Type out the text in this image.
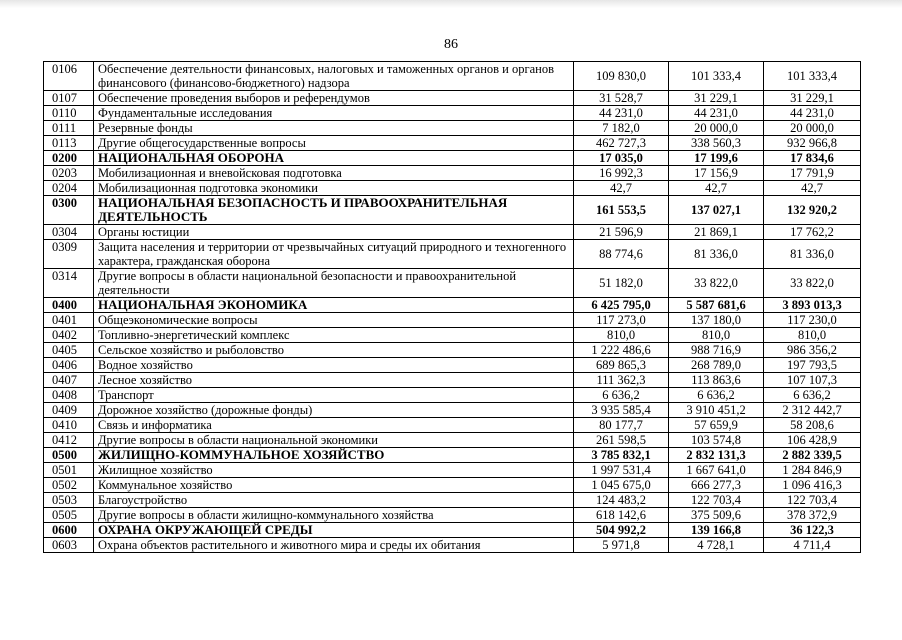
86
0106	Обеспечение деятельности финансовых, налоговых и таможенных органов и органов финансового (финансово-бюджетного) надзора	109 830,0	101 333,4	101 333,4
0107	Обеспечение проведения выборов и референдумов	31 528,7	31 229,1	31 229,1
0110	Фундаментальные исследования	44 231,0	44 231,0	44 231,0
0111	Резервные фонды	7 182,0	20 000,0	20 000,0
0113	Другие общегосударственные вопросы	462 727,3	338 560,3	932 966,8
0200	НАЦИОНАЛЬНАЯ ОБОРОНА	17 035,0	17 199,6	17 834,6
0203	Мобилизационная и вневойсковая подготовка	16 992,3	17 156,9	17 791,9
0204	Мобилизационная подготовка экономики	42,7	42,7	42,7
0300	НАЦИОНАЛЬНАЯ БЕЗОПАСНОСТЬ И ПРАВООХРАНИТЕЛЬНАЯ ДЕЯТЕЛЬНОСТЬ	161 553,5	137 027,1	132 920,2
0304	Органы юстиции	21 596,9	21 869,1	17 762,2
0309	Защита населения и территории от чрезвычайных ситуаций природного и техногенного характера, гражданская оборона	88 774,6	81 336,0	81 336,0
0314	Другие вопросы в области национальной безопасности и правоохранительной деятельности	51 182,0	33 822,0	33 822,0
0400	НАЦИОНАЛЬНАЯ ЭКОНОМИКА	6 425 795,0	5 587 681,6	3 893 013,3
0401	Общеэкономические вопросы	117 273,0	137 180,0	117 230,0
0402	Топливно-энергетический комплекс	810,0	810,0	810,0
0405	Сельское хозяйство и рыболовство	1 222 486,6	988 716,9	986 356,2
0406	Водное хозяйство	689 865,3	268 789,0	197 793,5
0407	Лесное хозяйство	111 362,3	113 863,6	107 107,3
0408	Транспорт	6 636,2	6 636,2	6 636,2
0409	Дорожное хозяйство (дорожные фонды)	3 935 585,4	3 910 451,2	2 312 442,7
0410	Связь и информатика	80 177,7	57 659,9	58 208,6
0412	Другие вопросы в области национальной экономики	261 598,5	103 574,8	106 428,9
0500	ЖИЛИЩНО-КОММУНАЛЬНОЕ ХОЗЯЙСТВО	3 785 832,1	2 832 131,3	2 882 339,5
0501	Жилищное хозяйство	1 997 531,4	1 667 641,0	1 284 846,9
0502	Коммунальное хозяйство	1 045 675,0	666 277,3	1 096 416,3
0503	Благоустройство	124 483,2	122 703,4	122 703,4
0505	Другие вопросы в области жилищно-коммунального хозяйства	618 142,6	375 509,6	378 372,9
0600	ОХРАНА ОКРУЖАЮЩЕЙ СРЕДЫ	504 992,2	139 166,8	36 122,3
0603	Охрана объектов растительного и животного мира и среды их обитания	5 971,8	4 728,1	4 711,4
